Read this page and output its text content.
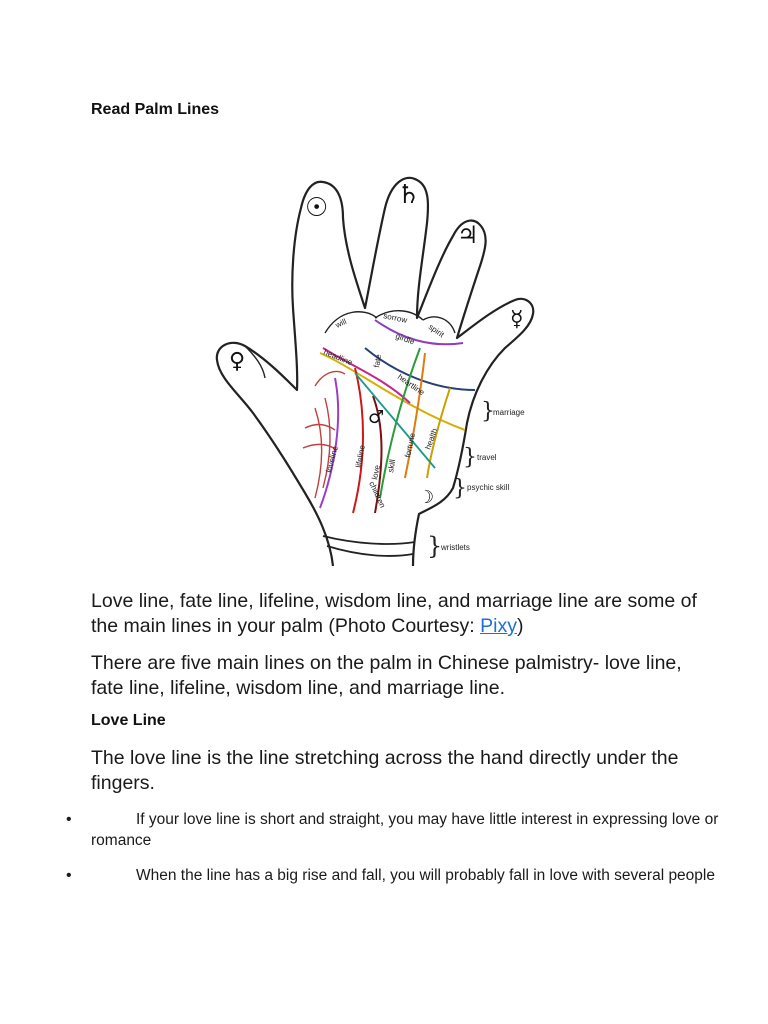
Read Palm Lines
☉	♄
♃
☿
♀
♂
☽
will	sorrow
spirit
girdle
fate
headline
heartline
loveline lifeline	fortune health
love
children
skill
}
marriage
} travel
} psychic skill
}
wristlets

Love line, fate line, lifeline, wisdom line, and marriage line are some of the main lines in your palm (Photo Courtesy: Pixy)

There are five main lines on the palm in Chinese palmistry- love line, fate line, lifeline, wisdom line, and marriage line.

Love Line

The love line is the line stretching across the hand directly under the fingers.

•	If your love line is short and straight, you may have little interest in expressing love or romance
•	When the line has a big rise and fall, you will probably fall in love with several people
